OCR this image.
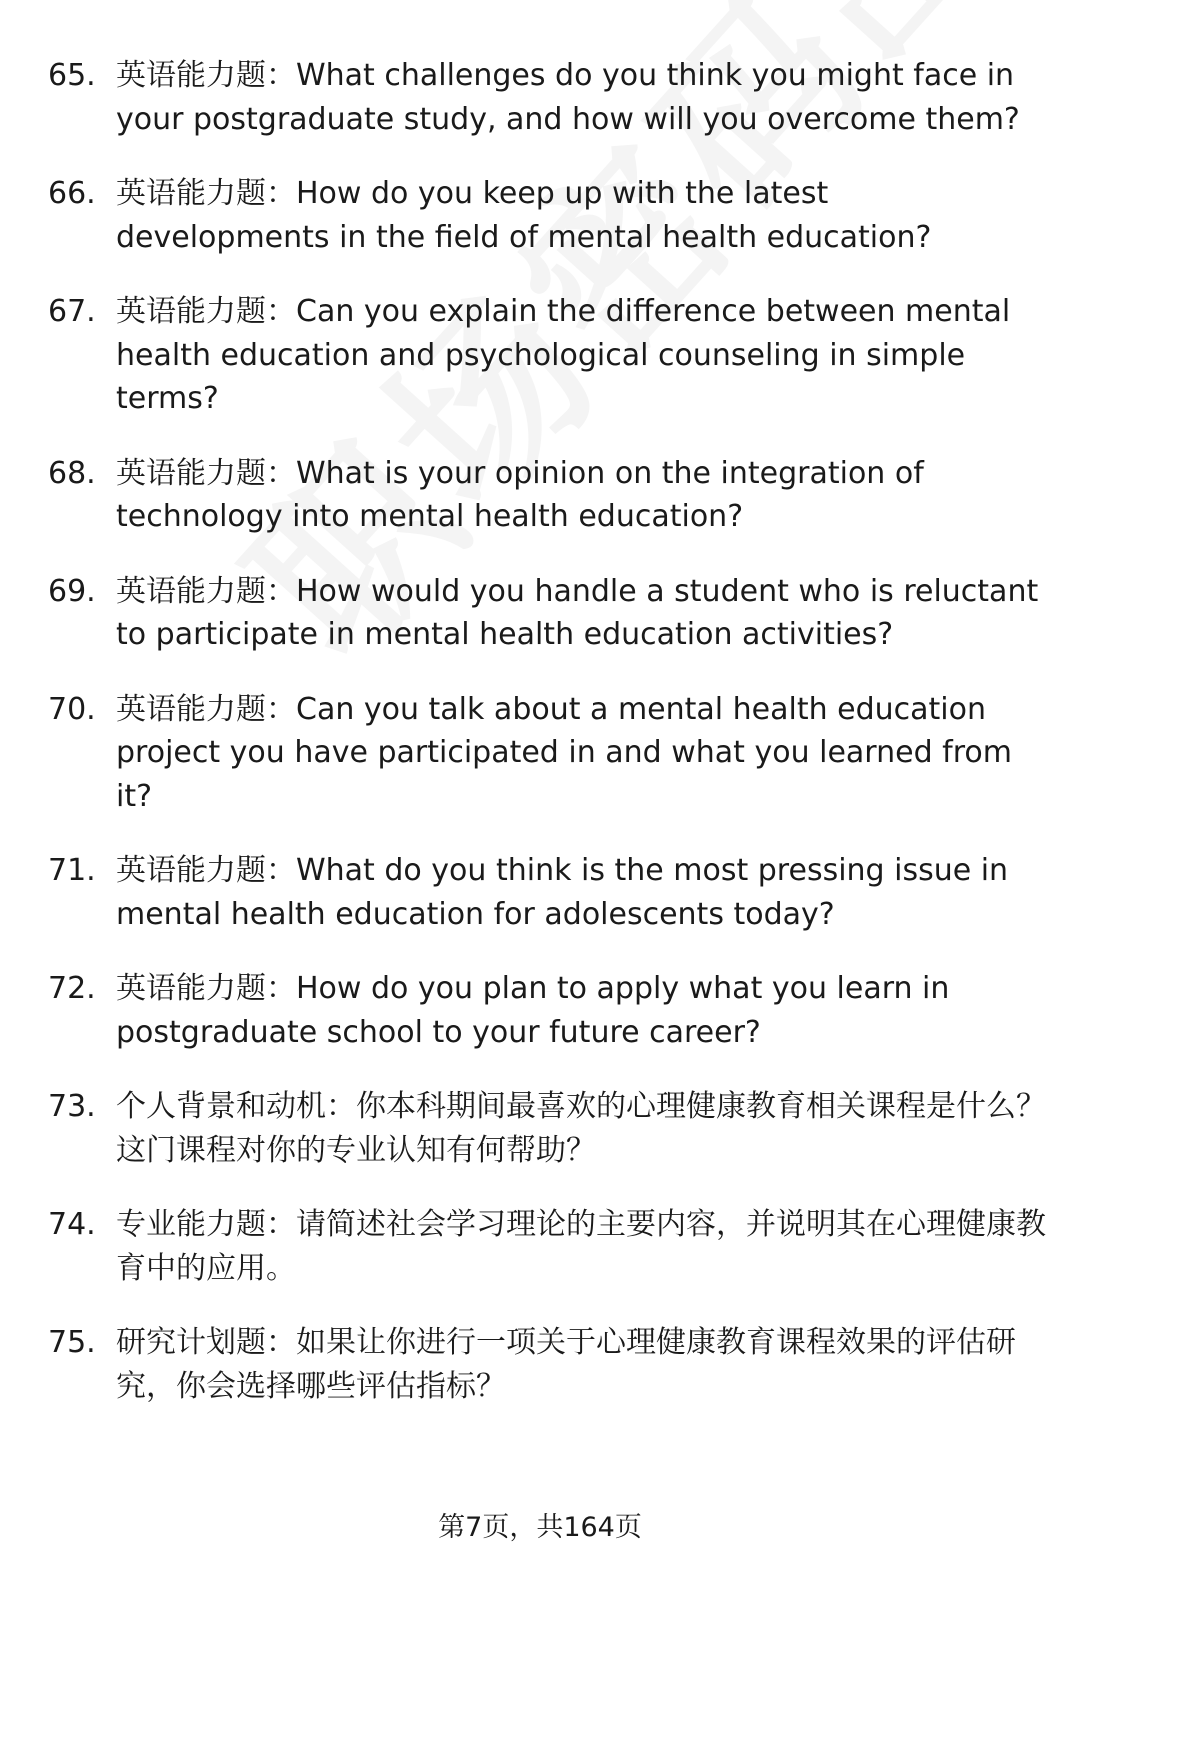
65. 英语能力题：What challenges do you think you might face in your postgraduate study, and how will you overcome them?
66. 英语能力题：How do you keep up with the latest developments in the field of mental health education?
67. 英语能力题：Can you explain the difference between mental health education and psychological counseling in simple terms?
68. 英语能力题：What is your opinion on the integration of technology into mental health education?
69. 英语能力题：How would you handle a student who is reluctant to participate in mental health education activities?
70. 英语能力题：Can you talk about a mental health education project you have participated in and what you learned from it?
71. 英语能力题：What do you think is the most pressing issue in mental health education for adolescents today?
72. 英语能力题：How do you plan to apply what you learn in postgraduate school to your future career?
73. 个人背景和动机：你本科期间最喜欢的心理健康教育相关课程是什么？这门课程对你的专业认知有何帮助？
74. 专业能力题：请简述社会学习理论的主要内容，并说明其在心理健康教育中的应用。
75. 研究计划题：如果让你进行一项关于心理健康教育课程效果的评估研究，你会选择哪些评估指标？
第7页，共164页
